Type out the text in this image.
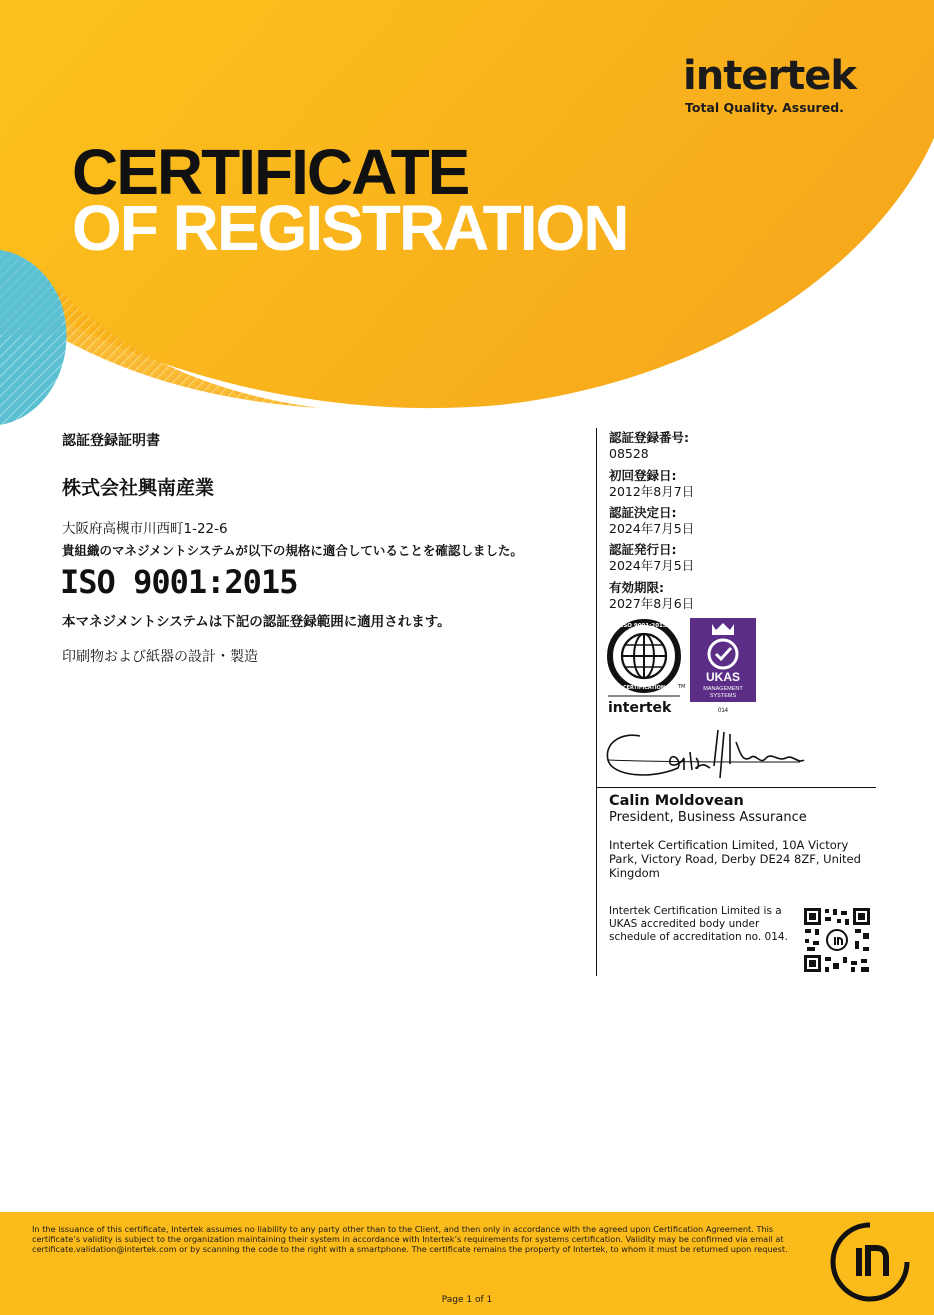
intertek
Total Quality. Assured.
CERTIFICATE
OF REGISTRATION
認証登録証明書
株式会社興南産業
大阪府高槻市川西町1-22-6
貴組織のマネジメントシステムが以下の規格に適合していることを確認しました。
ISO 9001:2015
本マネジメントシステムは下記の認証登録範囲に適用されます。
印刷物および紙器の設計・製造
認証登録番号:
08528
初回登録日:
2012年8月7日
認証決定日:
2024年7月5日
認証発行日:
2024年7月5日
有効期限:
2027年8月6日
ISO 9001:2015
CERTIFICATION	TM
intertek
UKAS
MANAGEMENT
SYSTEMS
014
Calin Moldovean
President, Business Assurance
Intertek Certification Limited, 10A Victory Park, Victory Road, Derby DE24 8ZF, United Kingdom
Intertek Certification Limited is a UKAS accredited body under schedule of accreditation no. 014.
In the issuance of this certificate, Intertek assumes no liability to any party other than to the Client, and then only in accordance with the agreed upon Certification Agreement. This certificate’s validity is subject to the organization maintaining their system in accordance with Intertek’s requirements for systems certification. Validity may be confirmed via email at certificate.validation@intertek.com or by scanning the code to the right with a smartphone. The certificate remains the property of Intertek, to whom it must be returned upon request.
Page 1 of 1
